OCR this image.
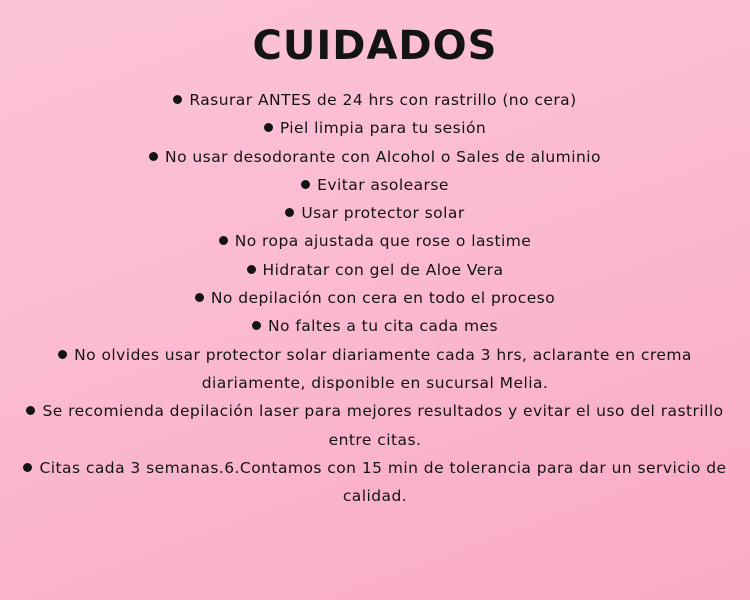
CUIDADOS
Rasurar ANTES de 24 hrs con rastrillo (no cera)
Piel limpia para tu sesión
No usar desodorante con Alcohol o Sales de aluminio
Evitar asolearse
Usar protector solar
No ropa ajustada que rose o lastime
Hidratar con gel de Aloe Vera
No depilación con cera en todo el proceso
No faltes a tu cita cada mes
No olvides usar protector solar diariamente cada 3 hrs, aclarante en crema diariamente, disponible en sucursal Melia.
Se recomienda depilación laser para mejores resultados y evitar el uso del rastrillo entre citas.
Citas cada 3 semanas.6.Contamos con 15 min de tolerancia para dar un servicio de calidad.
